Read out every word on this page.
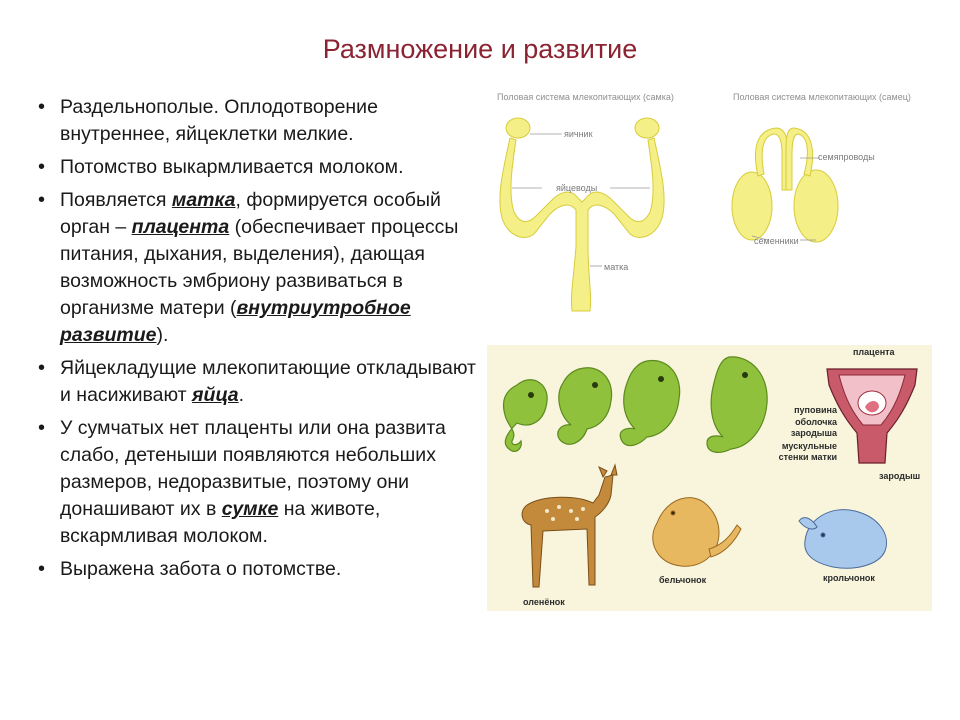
Размножение и развитие
• Раздельнополые. Оплодотворение внутреннее, яйцеклетки мелкие.
• Потомство выкармливается молоком.
• Появляется матка, формируется особый орган – плацента (обеспечивает процессы питания, дыхания, выделения), дающая возможность эмбриону развиваться в организме матери (внутриутробное развитие).
• Яйцекладущие млекопитающие откладывают и насиживают яйца.
• У сумчатых нет плаценты или она развита слабо, детеныши появляются небольших размеров, недоразвитые, поэтому они донашивают их в сумке на животе, вскармливая молоком.
• Выражена забота о потомстве.
Половая система млекопитающих (самка)
яичник
яйцеводы
матка
Половая система млекопитающих (самец)
семяпроводы
семенники
плацента
пуповина
оболочка
зародыша
мускульные
стенки матки
зародыш
оленёнок
бельчонок	крольчонок
